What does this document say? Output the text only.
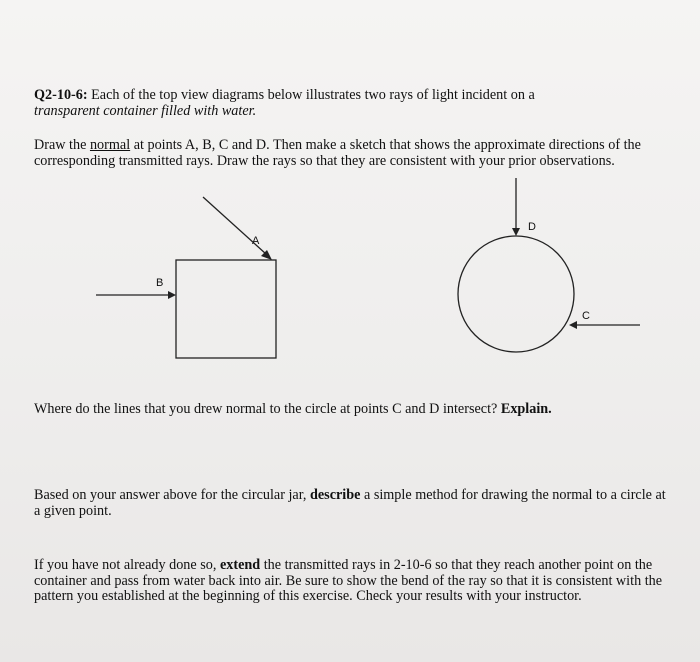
Q2-10-6: Each of the top view diagrams below illustrates two rays of light incident on a
transparent container filled with water.
Draw the normal at points A, B, C and D. Then make a sketch that shows the approximate directions of the corresponding transmitted rays. Draw the rays so that they are consistent with your prior observations.
A
B
D
C
Where do the lines that you drew normal to the circle at points C and D intersect? Explain.
Based on your answer above for the circular jar, describe a simple method for drawing the normal to a circle at a given point.
If you have not already done so, extend the transmitted rays in 2-10-6 so that they reach another point on the container and pass from water back into air. Be sure to show the bend of the ray so that it is consistent with the pattern you established at the beginning of this exercise. Check your results with your instructor.
